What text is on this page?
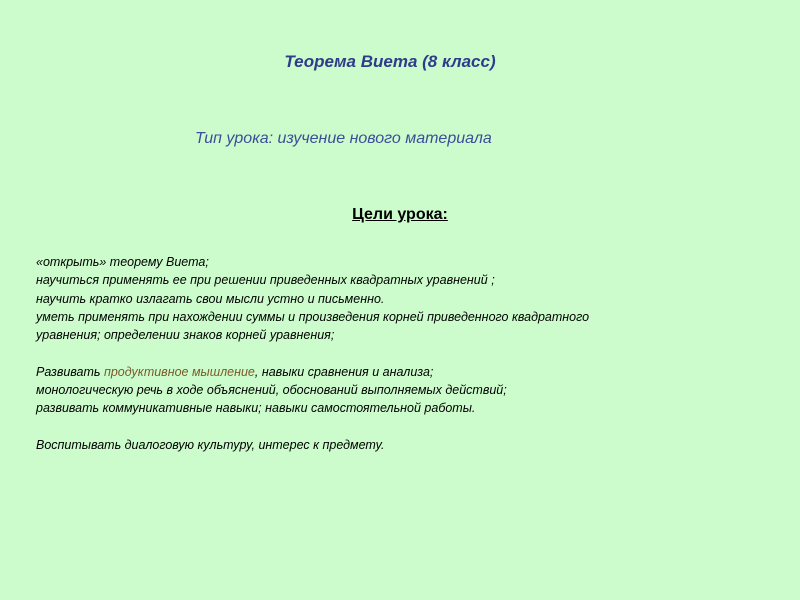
Теорема Виета (8 класс)
Тип урока: изучение нового материала
Цели урока:
«открыть» теорему Виета;
научиться применять ее при решении приведенных квадратных уравнений ;
научить кратко излагать свои мысли устно и письменно.
уметь применять при нахождении суммы и произведения корней приведенного квадратного
уравнения; определении знаков корней уравнения;
Развивать продуктивное мышление, навыки сравнения и анализа;
монологическую речь в ходе объяснений, обоснований выполняемых действий;
развивать коммуникативные навыки; навыки самостоятельной работы.
Воспитывать диалоговую культуру, интерес к предмету.
